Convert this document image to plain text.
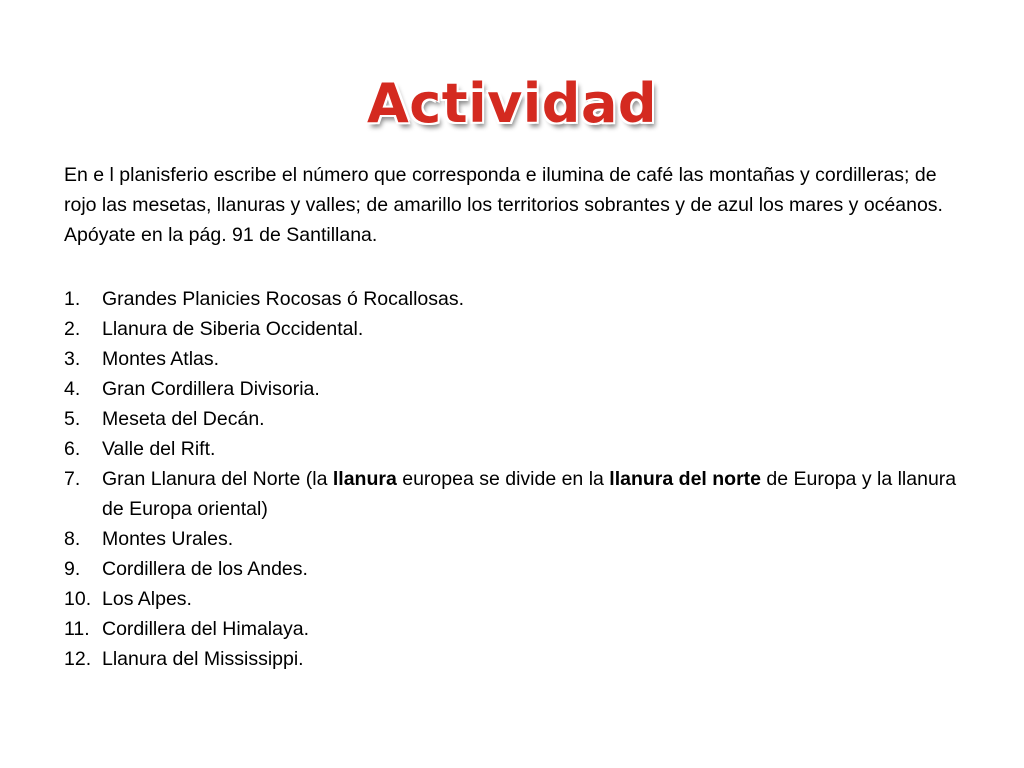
Actividad

En e l planisferio escribe el número que corresponda e ilumina de café las montañas y cordilleras; de rojo las mesetas, llanuras y valles; de amarillo los territorios sobrantes y de azul los mares y océanos. Apóyate en la pág. 91 de Santillana.

1. Grandes Planicies Rocosas ó Rocallosas.
2. Llanura de Siberia Occidental.
3. Montes Atlas.
4. Gran Cordillera Divisoria.
5. Meseta del Decán.
6. Valle del Rift.
7. Gran Llanura del Norte (la llanura europea se divide en la llanura del norte de Europa y la llanura de Europa oriental)
8. Montes Urales.
9. Cordillera de los Andes.
10. Los Alpes.
11. Cordillera del Himalaya.
12. Llanura del Mississippi.
